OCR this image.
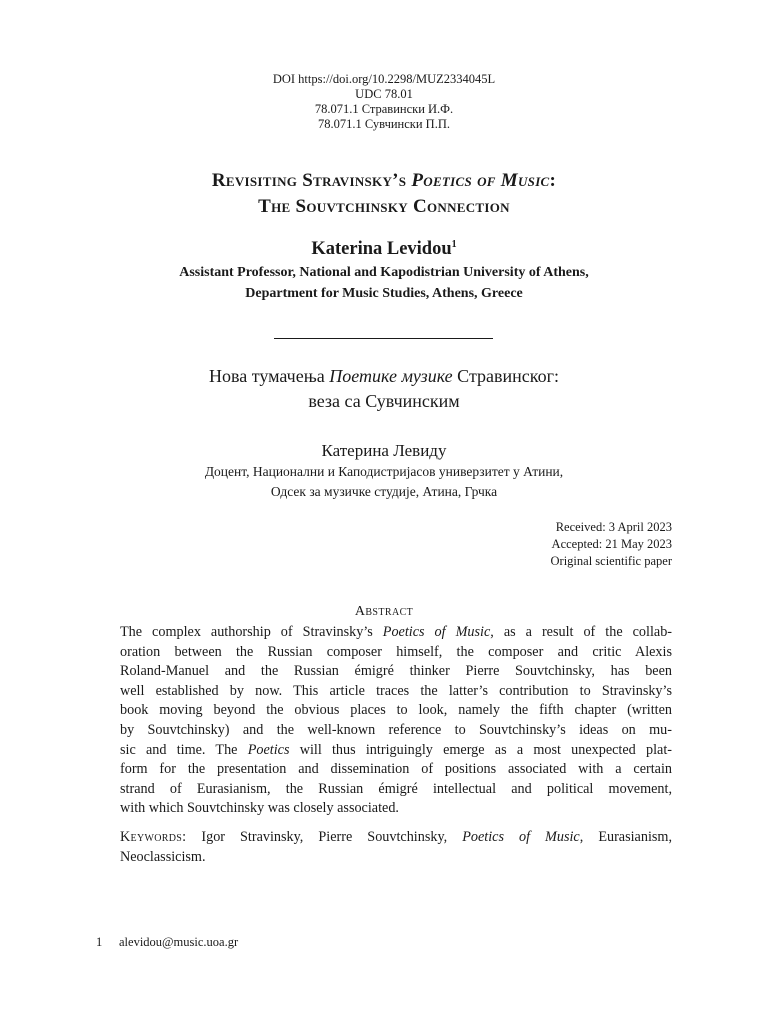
DOI https://doi.org/10.2298/MUZ2334045L
UDC 78.01
78.071.1 Стравински И.Ф.
78.071.1 Сувчински П.П.
Revisiting Stravinsky’s Poetics of Music:
The Souvtchinsky Connection
Katerina Levidou$^1$
Assistant Professor, National and Kapodistrian University of Athens,
Department for Music Studies, Athens, Greece
Нова тумачења Поетике музике Стравинског:
веза са Сувчинским
Катерина Левиду
Доцент, Национални и Каподистријасов универзитет у Атини,
Одсек за музичке студије, Атина, Грчка
Received: 3 April 2023
Accepted: 21 May 2023
Original scientific paper
Abstract
The complex authorship of Stravinsky’s Poetics of Music, as a result of the collab-
oration between the Russian composer himself, the composer and critic Alexis
Roland-Manuel and the Russian émigré thinker Pierre Souvtchinsky, has been
well established by now. This article traces the latter’s contribution to Stravinsky’s
book moving beyond the obvious places to look, namely the fifth chapter (written
by Souvtchinsky) and the well-known reference to Souvtchinsky’s ideas on mu-
sic and time. The Poetics will thus intriguingly emerge as a most unexpected plat-
form for the presentation and dissemination of positions associated with a certain
strand of Eurasianism, the Russian émigré intellectual and political movement,
with which Souvtchinsky was closely associated.
Keywords: Igor Stravinsky, Pierre Souvtchinsky, Poetics of Music, Eurasianism,
Neoclassicism.
1 alevidou@music.uoa.gr
